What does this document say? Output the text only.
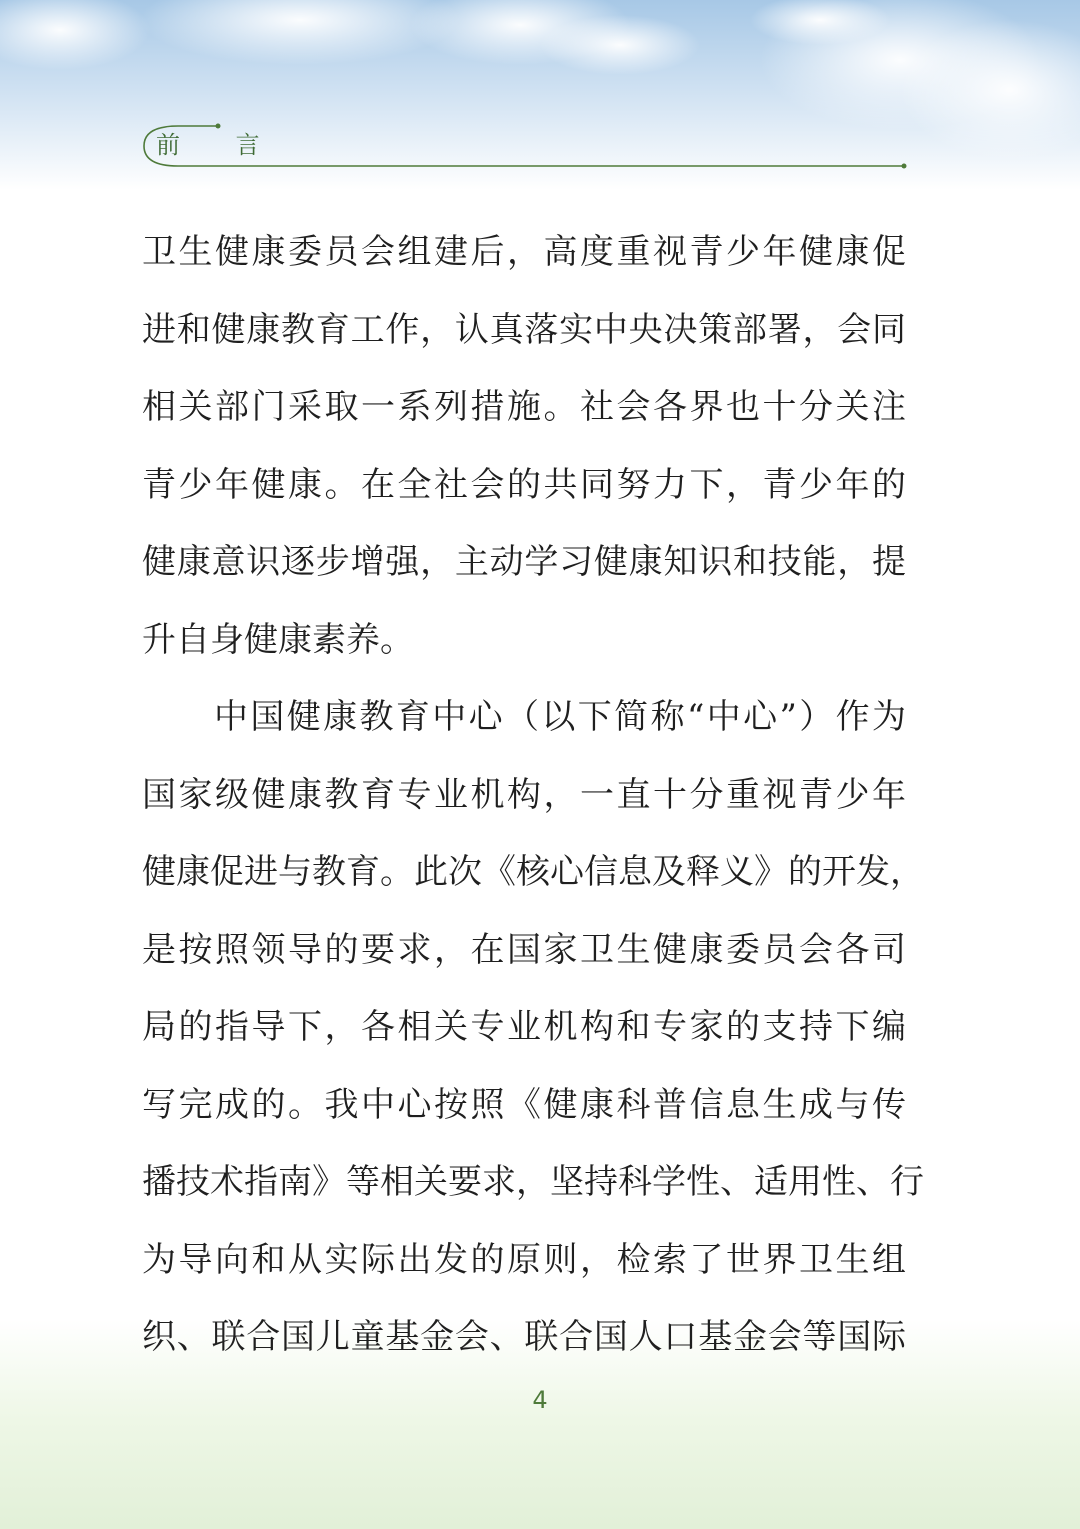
前 言
卫生健康委员会组建后，高度重视青少年健康促
进和健康教育工作，认真落实中央决策部署，会同
相关部门采取一系列措施。社会各界也十分关注
青少年健康。在全社会的共同努力下，青少年的
健康意识逐步增强，主动学习健康知识和技能，提
升自身健康素养。
中国健康教育中心（以下简称“中心”）作为
国家级健康教育专业机构，一直十分重视青少年
健康促进与教育。此次《核心信息及释义》的开发，
是按照领导的要求，在国家卫生健康委员会各司
局的指导下，各相关专业机构和专家的支持下编
写完成的。我中心按照《健康科普信息生成与传
播技术指南》等相关要求，坚持科学性、适用性、行
为导向和从实际出发的原则，检索了世界卫生组
织、联合国儿童基金会、联合国人口基金会等国际
4
